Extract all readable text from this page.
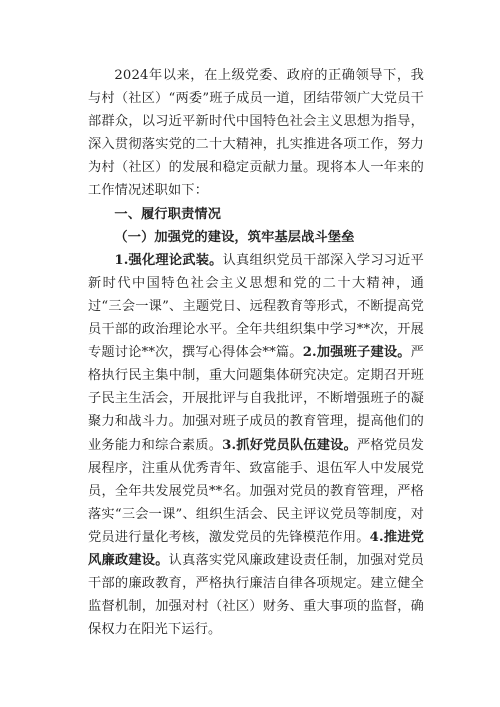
2024年以来，在上级党委、政府的正确领导下，我与村（社区）“两委”班子成员一道，团结带领广大党员干部群众，以习近平新时代中国特色社会主义思想为指导，深入贯彻落实党的二十大精神，扎实推进各项工作，努力为村（社区）的发展和稳定贡献力量。现将本人一年来的工作情况述职如下：

一、履行职责情况

（一）加强党的建设，筑牢基层战斗堡垒

1.强化理论武装。认真组织党员干部深入学习习近平新时代中国特色社会主义思想和党的二十大精神，通过“三会一课”、主题党日、远程教育等形式，不断提高党员干部的政治理论水平。全年共组织集中学习**次，开展专题讨论**次，撰写心得体会**篇。2.加强班子建设。严格执行民主集中制，重大问题集体研究决定。定期召开班子民主生活会，开展批评与自我批评，不断增强班子的凝聚力和战斗力。加强对班子成员的教育管理，提高他们的业务能力和综合素质。3.抓好党员队伍建设。严格党员发展程序，注重从优秀青年、致富能手、退伍军人中发展党员，全年共发展党员**名。加强对党员的教育管理，严格落实“三会一课”、组织生活会、民主评议党员等制度，对党员进行量化考核，激发党员的先锋模范作用。4.推进党风廉政建设。认真落实党风廉政建设责任制，加强对党员干部的廉政教育，严格执行廉洁自律各项规定。建立健全监督机制，加强对村（社区）财务、重大事项的监督，确保权力在阳光下运行。
